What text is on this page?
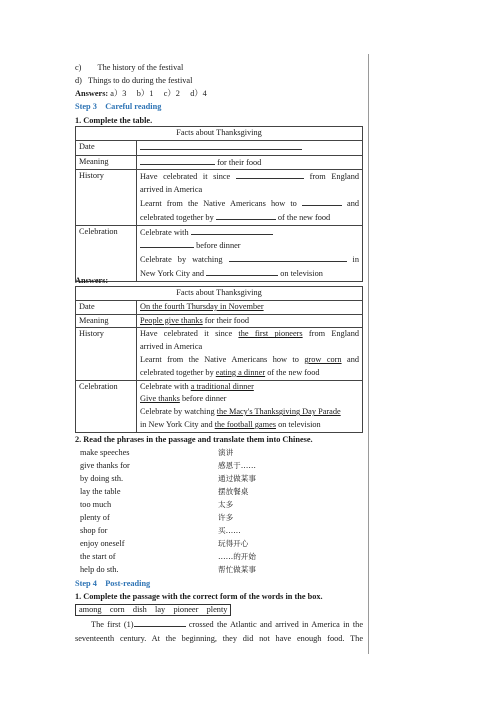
c) The history of the festival
d) Things to do during the festival
Answers: a）3　 b）1　 c）2　 d）4
Step 3　Careful reading
1. Complete the table.
Facts about Thanksgiving	
Date	
Meaning	for their food
History	Have celebrated it since from England
arrived in America
Learnt from the Native Americans how to and
celebrated together by of the new food

Celebration	Celebrate with
before dinner
Celebrate by watching in
New York City and on television
Answers:
Facts about Thanksgiving	
Date	On the fourth Thursday in November
Meaning	People give thanks for their food
History	Have celebrated it since the first pioneers from England
arrived in America
Learnt from the Native Americans how to grow corn and
celebrated together by eating a dinner of the new food

Celebration	Celebrate with a traditional dinner
Give thanks before dinner
Celebrate by watching the Macy's Thanksgiving Day Parade
in New York City and the football games on television
2. Read the phrases in the passage and translate them into Chinese.
make speeches	演讲
give thanks for	感恩于……
by doing sth.	通过做某事
lay the table	摆放餐桌
too much	太多
plenty of	许多
shop for	买……
enjoy oneself	玩得开心
the start of	……的开始
help do sth.	帮忙做某事
Step 4　Post-reading
1. Complete the passage with the correct form of the words in the box.
among　corn　dish　lay　pioneer　plenty
The first (1)	crossed the Atlantic and arrived in America in the
seventeenth century. At the beginning, they did not have enough food. The
